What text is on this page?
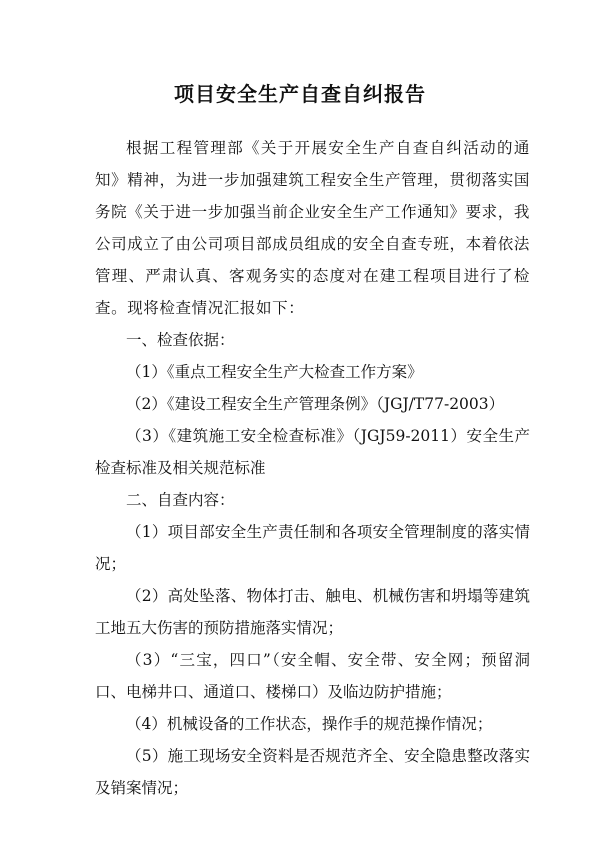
项目安全生产自查自纠报告

根据工程管理部《关于开展安全生产自查自纠活动的通知》精神，为进一步加强建筑工程安全生产管理，贯彻落实国务院《关于进一步加强当前企业安全生产工作通知》要求，我公司成立了由公司项目部成员组成的安全自查专班，本着依法管理、严肃认真、客观务实的态度对在建工程项目进行了检查。现将检查情况汇报如下：

一、检查依据：

（1）《重点工程安全生产大检查工作方案》

（2）《建设工程安全生产管理条例》（JGJ/T77-2003）

（3）《建筑施工安全检查标准》（JGJ59-2011）安全生产检查标准及相关规范标准

二、自查内容：

（1）项目部安全生产责任制和各项安全管理制度的落实情况；

（2）高处坠落、物体打击、触电、机械伤害和坍塌等建筑工地五大伤害的预防措施落实情况；

（3）“三宝，四口”（安全帽、安全带、安全网；预留洞口、电梯井口、通道口、楼梯口）及临边防护措施；

（4）机械设备的工作状态，操作手的规范操作情况；

（5）施工现场安全资料是否规范齐全、安全隐患整改落实及销案情况；
